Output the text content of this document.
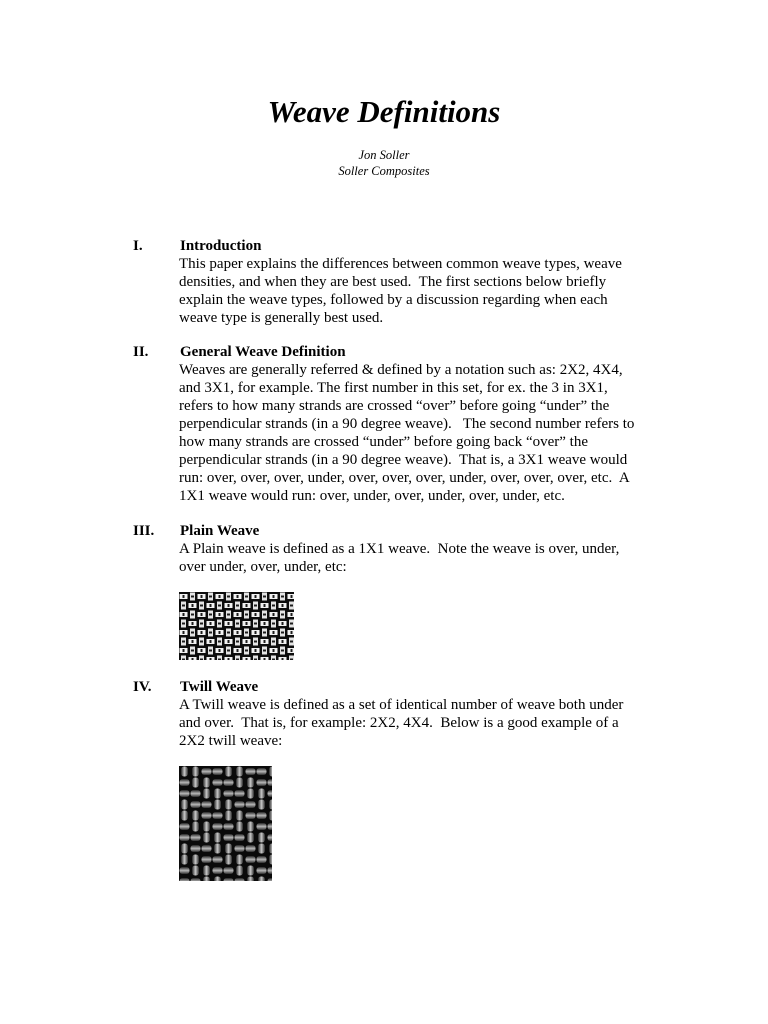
Weave Definitions
Jon Soller
Soller Composites
I. Introduction
This paper explains the differences between common weave types, weave
densities, and when they are best used.  The first sections below briefly
explain the weave types, followed by a discussion regarding when each
weave type is generally best used.
II. General Weave Definition
Weaves are generally referred & defined by a notation such as: 2X2, 4X4,
and 3X1, for example. The first number in this set, for ex. the 3 in 3X1,
refers to how many strands are crossed “over” before going “under” the
perpendicular strands (in a 90 degree weave).   The second number refers to
how many strands are crossed “under” before going back “over” the
perpendicular strands (in a 90 degree weave).  That is, a 3X1 weave would
run: over, over, over, under, over, over, over, under, over, over, over, etc.  A
1X1 weave would run: over, under, over, under, over, under, etc.
III. Plain Weave
A Plain weave is defined as a 1X1 weave.  Note the weave is over, under,
over under, over, under, etc:
IV. Twill Weave
A Twill weave is defined as a set of identical number of weave both under
and over.  That is, for example: 2X2, 4X4.  Below is a good example of a
2X2 twill weave:
